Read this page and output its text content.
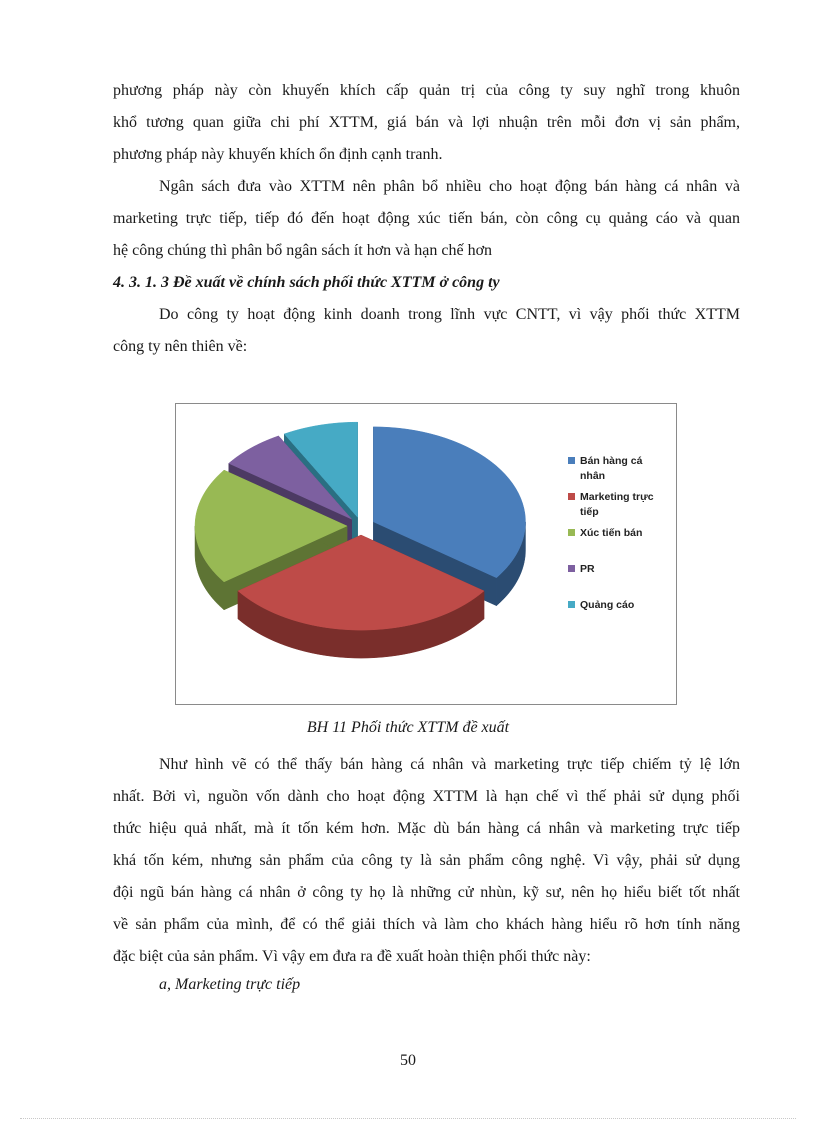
phương pháp này còn khuyến khích cấp quản trị của công ty suy nghĩ trong khuôn
khổ tương quan giữa chi phí XTTM, giá bán và lợi nhuận trên mỗi đơn vị sản phẩm,
phương pháp này khuyến khích ổn định cạnh tranh.
Ngân sách đưa vào XTTM nên phân bổ nhiều cho hoạt động bán hàng cá nhân và
marketing trực tiếp, tiếp đó đến hoạt động xúc tiến bán, còn công cụ quảng cáo và quan
hệ công chúng thì phân bổ ngân sách ít hơn và hạn chế hơn
4. 3. 1. 3 Đề xuất về chính sách phối thức XTTM ở công ty
Do công ty hoạt động kinh doanh trong lĩnh vực CNTT, vì vậy phối thức XTTM
công ty nên thiên về:
Bán hàng cá
nhân
Marketing trực
tiếp
Xúc tiến bán
PR
Quảng cáo
BH 11 Phối thức XTTM đề xuất
Như hình vẽ có thể thấy bán hàng cá nhân và marketing trực tiếp chiếm tỷ lệ lớn
nhất. Bởi vì, nguồn vốn dành cho hoạt động XTTM là hạn chế vì thế phải sử dụng phối
thức hiệu quả nhất, mà ít tốn kém hơn. Mặc dù bán hàng cá nhân và marketing trực tiếp
khá tốn kém, nhưng sản phẩm của công ty là sản phẩm công nghệ. Vì vậy, phải sử dụng
đội ngũ bán hàng cá nhân ở công ty họ là những cử nhùn, kỹ sư, nên họ hiểu biết tốt nhất
về sản phẩm của mình, để có thể giải thích và làm cho khách hàng hiểu rõ hơn tính năng
đặc biệt của sản phẩm. Vì vậy em đưa ra đề xuất hoàn thiện phối thức này:
a, Marketing trực tiếp
50
